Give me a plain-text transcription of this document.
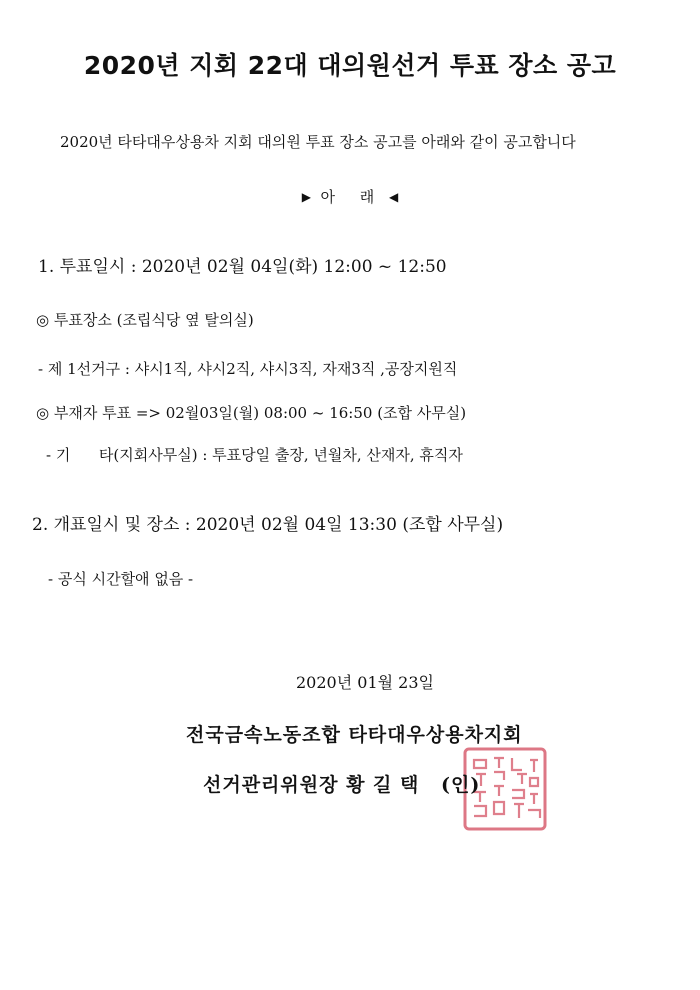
2020년 지회 22대 대의원선거 투표 장소 공고
2020년 타타대우상용차 지회 대의원 투표 장소 공고를 아래와 같이 공고합니다
▶ 아 래 ◀
1. 투표일시 : 2020년 02월 04일(화) 12:00 ~ 12:50
◎ 투표장소 (조립식당 옆 탈의실)
- 제 1선거구 : 샤시1직, 샤시2직, 샤시3직, 자재3직 ,공장지원직
◎ 부재자 투표 => 02월03일(월) 08:00 ~ 16:50 (조합 사무실)
- 기      타(지회사무실) : 투표당일 출장, 년월차, 산재자, 휴직자
2. 개표일시 및 장소 : 2020년 02월 04일 13:30 (조합 사무실)
- 공식 시간할애 없음 -
2020년 01월 23일
전국금속노동조합 타타대우상용차지회
선거관리위원장 황 길 택 (인)
